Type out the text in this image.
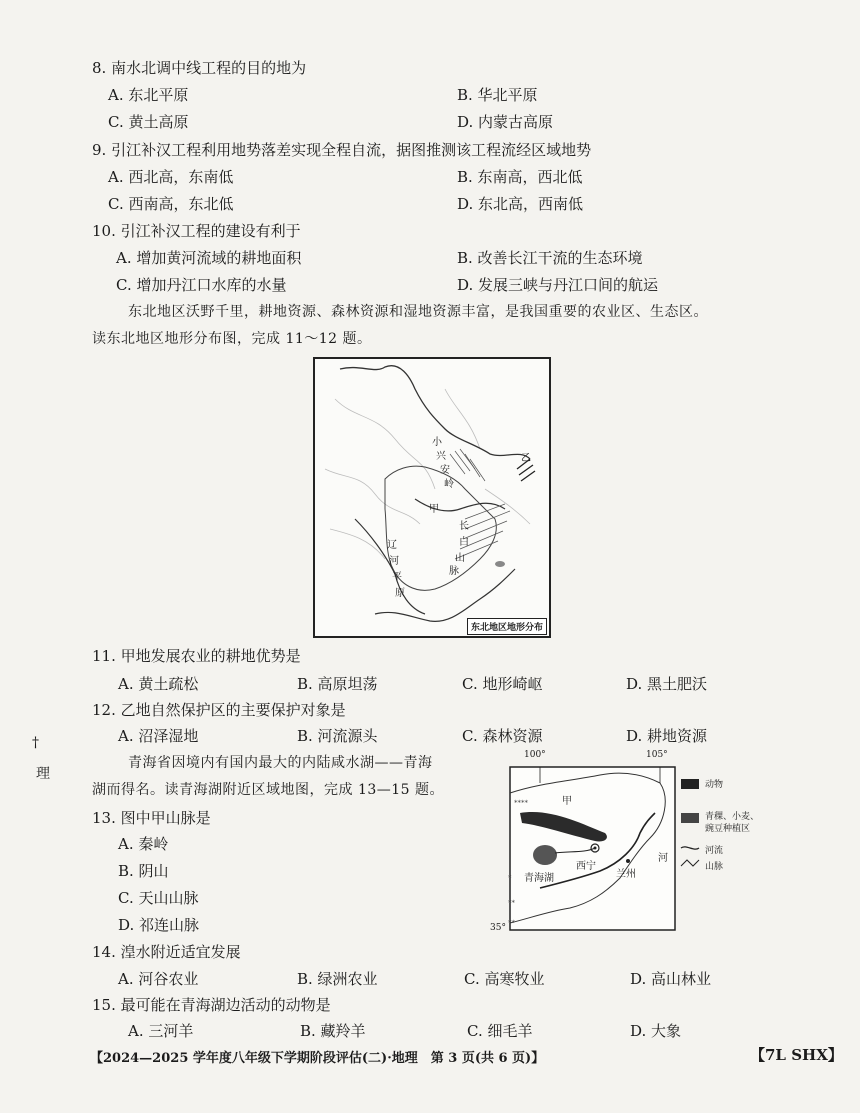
8. 南水北调中线工程的目的地为
A. 东北平原	B. 华北平原
C. 黄土高原	D. 内蒙古高原
9. 引江补汉工程利用地势落差实现全程自流，据图推测该工程流经区域地势
A. 西北高，东南低	B. 东南高，西北低
C. 西南高，东北低	D. 东北高，西南低
10. 引江补汉工程的建设有利于
A. 增加黄河流域的耕地面积	B. 改善长江干流的生态环境
C. 增加丹江口水库的水量	D. 发展三峡与丹江口间的航运
东北地区沃野千里，耕地资源、森林资源和湿地资源丰富，是我国重要的农业区、生态区。
读东北地区地形分布图，完成 11～12 题。
小
兴
安
岭
甲
长
白
山
脉
辽
河
平
原
乙
东北地区地形分布
11. 甲地发展农业的耕地优势是
A. 黄土疏松	B. 高原坦荡	C. 地形崎岖	D. 黑土肥沃
12. 乙地自然保护区的主要保护对象是
A. 沼泽湿地	B. 河流源头	C. 森林资源	D. 耕地资源
†
理
青海省因境内有国内最大的内陆咸水湖——青海
湖而得名。读青海湖附近区域地图，完成 13—15 题。
100°	105°
35°
⁎⁎⁎⁎
⁎
⁎⁎
⁎⁎
甲
西宁
青海湖	兰州
河
动物
青稞、小麦、
豌豆种植区
河流
山脉
13. 图中甲山脉是
A. 秦岭
B. 阴山
C. 天山山脉
D. 祁连山脉
14. 湟水附近适宜发展
A. 河谷农业	B. 绿洲农业	C. 高寒牧业	D. 高山林业
15. 最可能在青海湖边活动的动物是
A. 三河羊	B. 藏羚羊	C. 细毛羊	D. 大象
【2024—2025 学年度八年级下学期阶段评估(二)·地理　第 3 页(共 6 页)】	【7L SHX】
